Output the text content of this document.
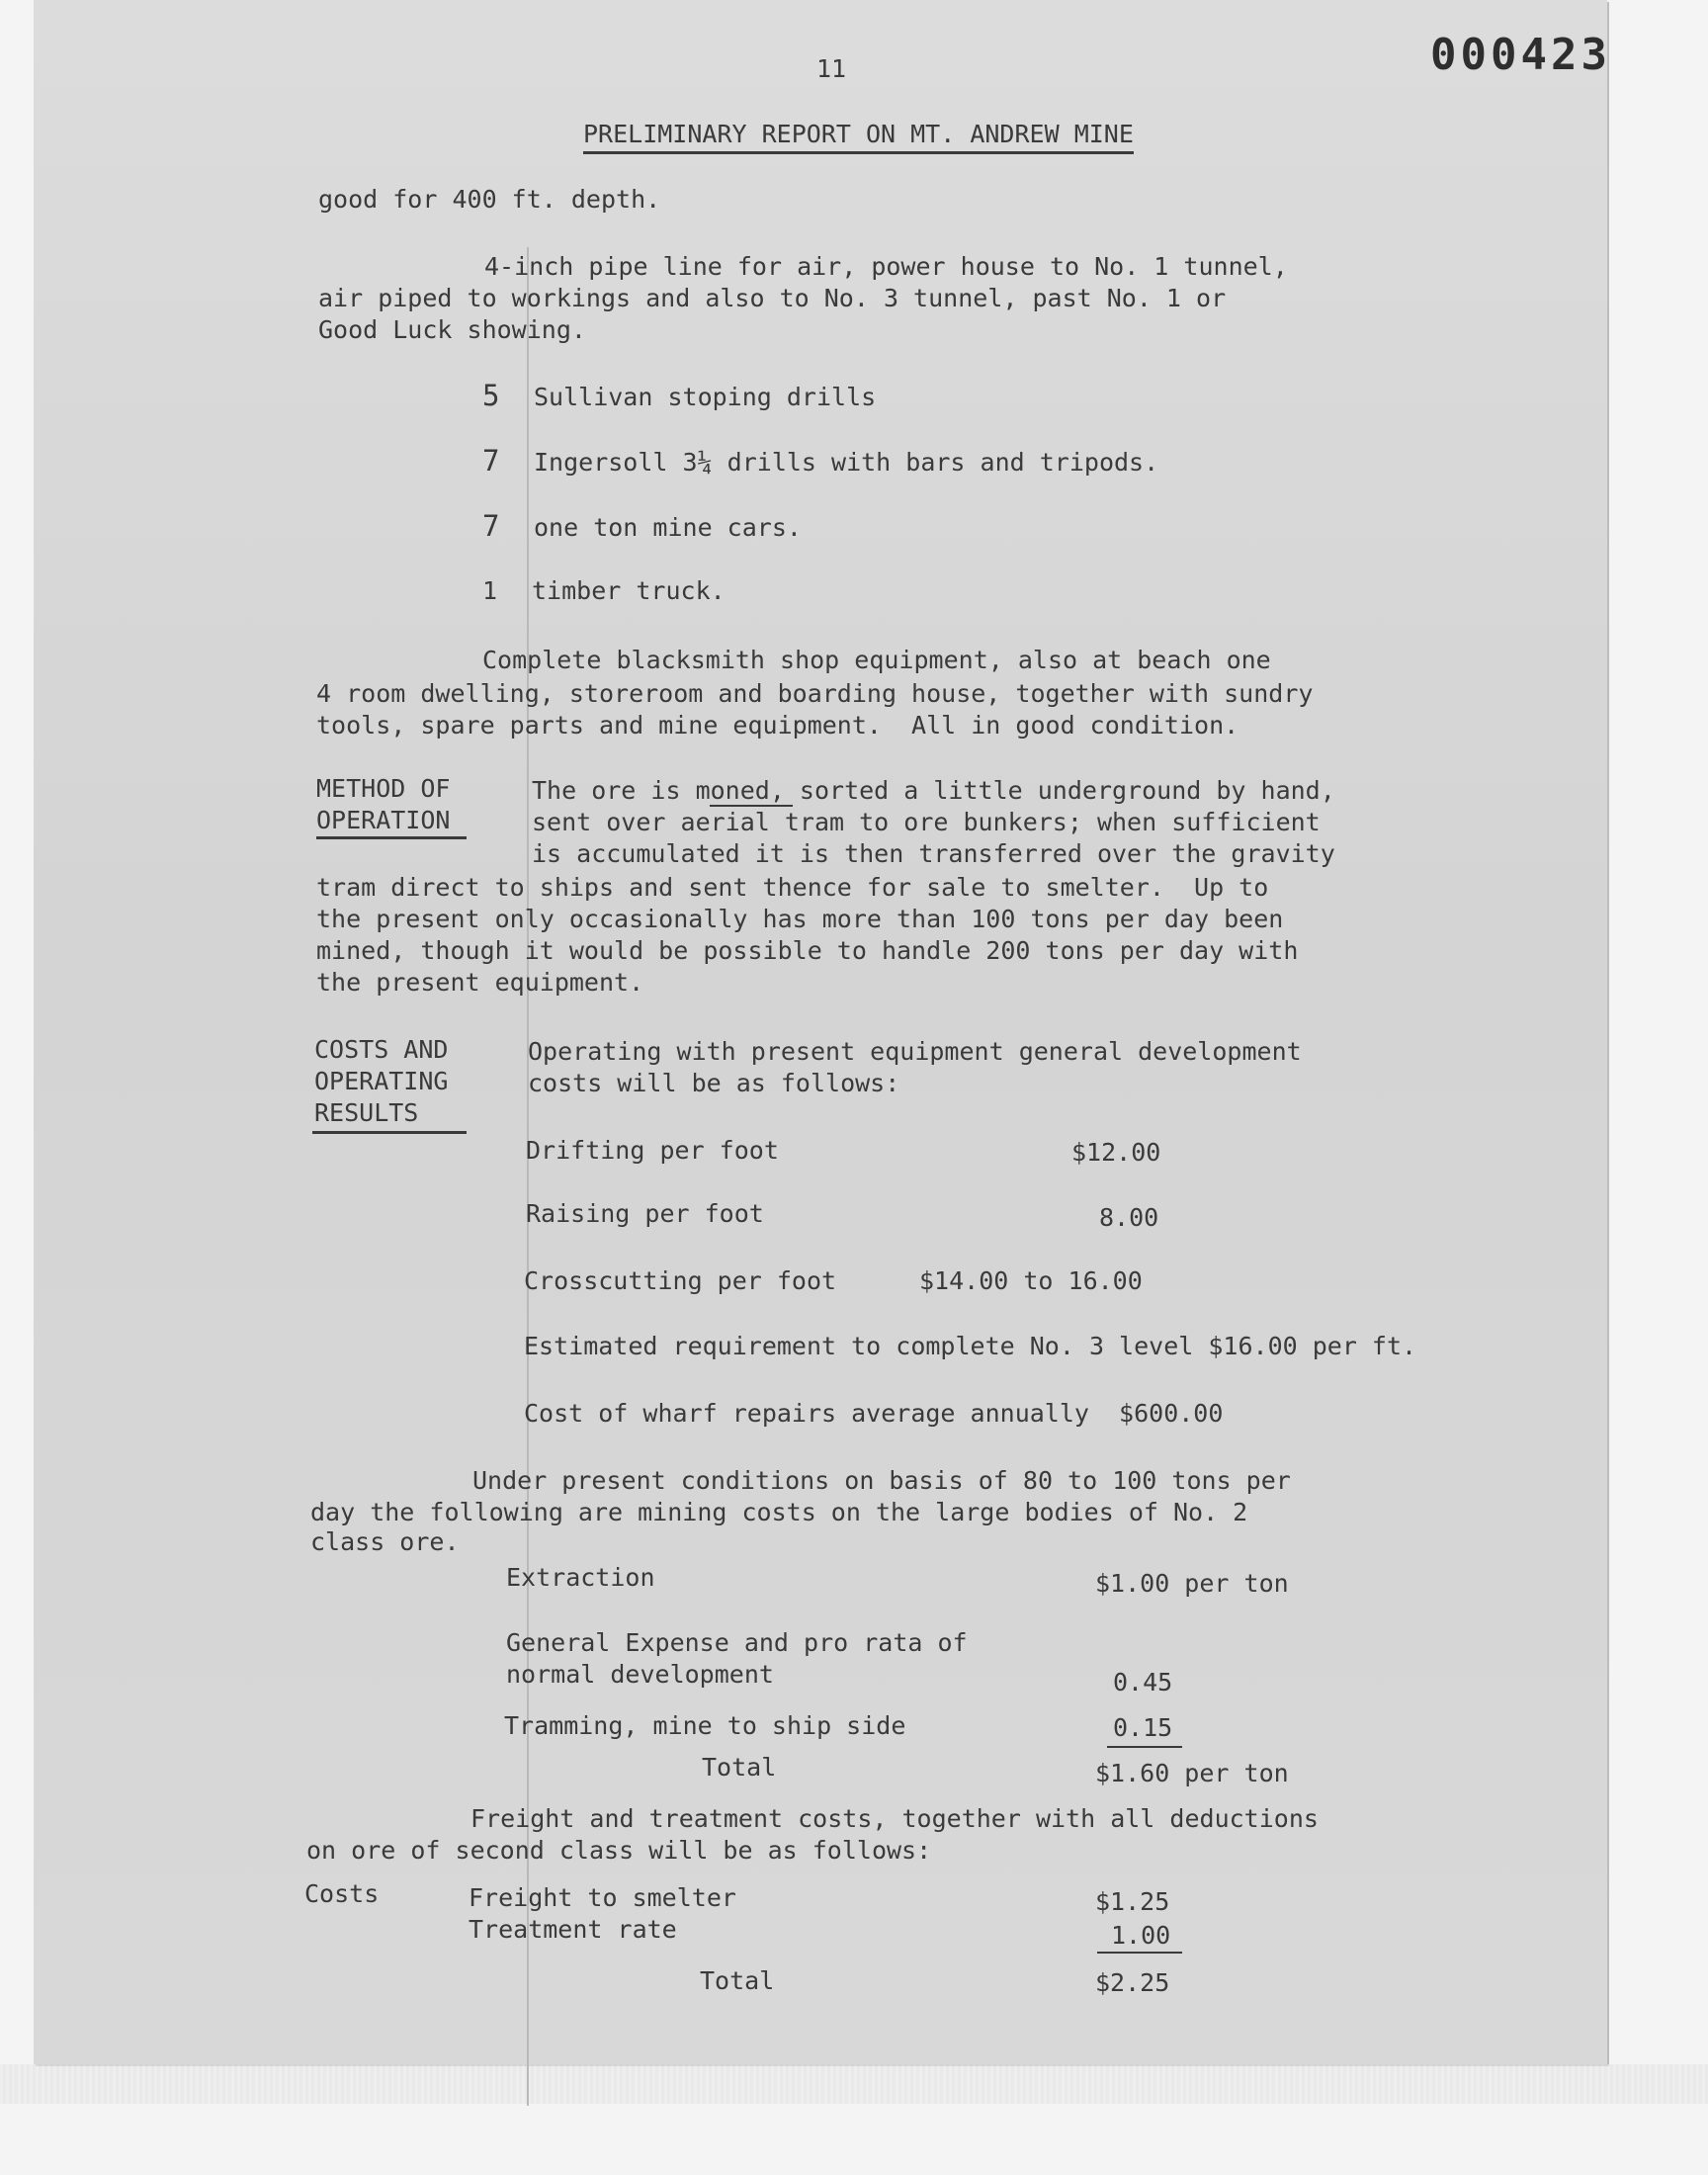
11	000423
PRELIMINARY REPORT ON MT. ANDREW MINE
good for 400 ft. depth.
4-inch pipe line for air, power house to No. 1 tunnel,
air piped to workings and also to No. 3 tunnel, past No. 1 or
Good Luck showing.
5 Sullivan stoping drills
7 Ingersoll 3¼ drills with bars and tripods.
7 one ton mine cars.
1 timber truck.
Complete blacksmith shop equipment, also at beach one
4 room dwelling, storeroom and boarding house, together with sundry
tools, spare parts and mine equipment.  All in good condition.
METHOD OF
OPERATION
The ore is moned, sorted a little underground by hand,
sent over aerial tram to ore bunkers; when sufficient
is accumulated it is then transferred over the gravity
tram direct to ships and sent thence for sale to smelter.  Up to
the present only occasionally has more than 100 tons per day been
mined, though it would be possible to handle 200 tons per day with
the present equipment.
COSTS AND
OPERATING
RESULTS
Operating with present equipment general development
costs will be as follows:
Drifting per foot	$12.00
Raising per foot	8.00
Crosscutting per foot	$14.00 to 16.00
Estimated requirement to complete No. 3 level $16.00 per ft.
Cost of wharf repairs average annually  $600.00
Under present conditions on basis of 80 to 100 tons per
day the following are mining costs on the large bodies of No. 2
class ore.
Extraction	$1.00 per ton
General Expense and pro rata of
normal development	0.45
Tramming, mine to ship side	0.15
Total	$1.60 per ton
Freight and treatment costs, together with all deductions
on ore of second class will be as follows:
Costs	Freight to smelter	$1.25
Treatment rate	1.00
Total	$2.25
